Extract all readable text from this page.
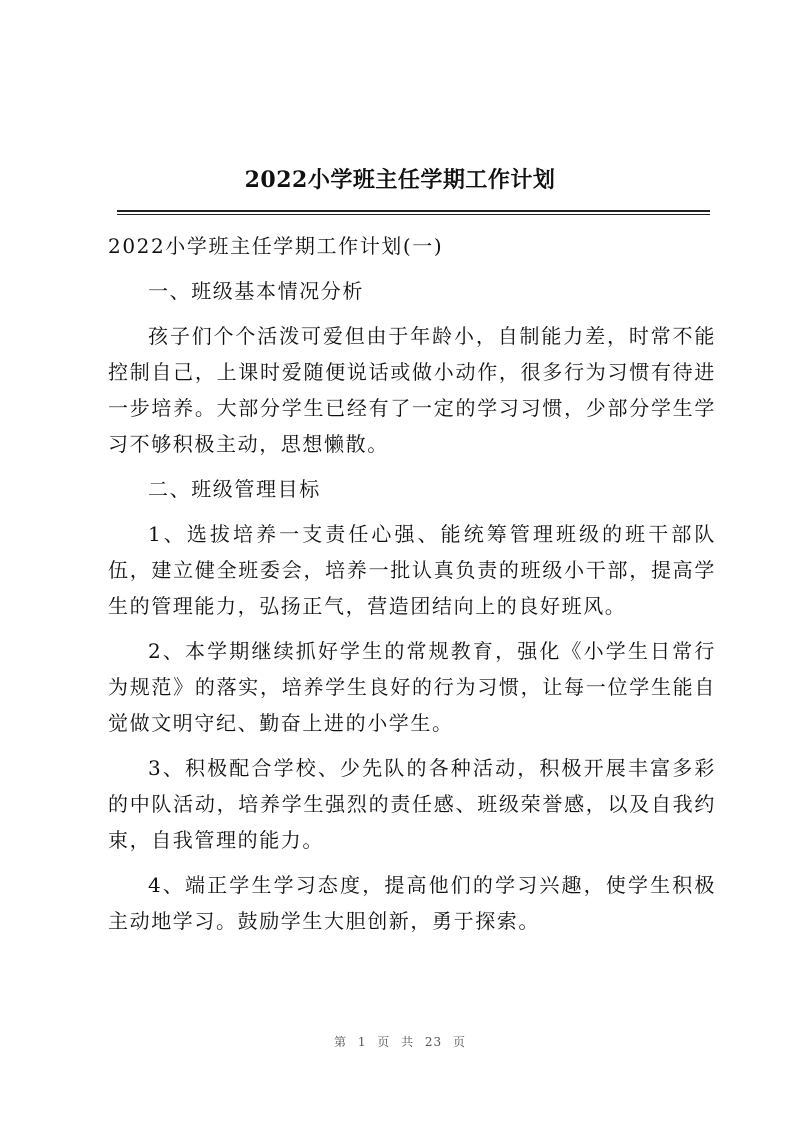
2022小学班主任学期工作计划

2022小学班主任学期工作计划(一)

一、班级基本情况分析

孩子们个个活泼可爱但由于年龄小，自制能力差，时常不能控制自己，上课时爱随便说话或做小动作，很多行为习惯有待进一步培养。大部分学生已经有了一定的学习习惯，少部分学生学习不够积极主动，思想懒散。

二、班级管理目标

1、选拔培养一支责任心强、能统筹管理班级的班干部队伍，建立健全班委会，培养一批认真负责的班级小干部，提高学生的管理能力，弘扬正气，营造团结向上的良好班风。

2、本学期继续抓好学生的常规教育，强化《小学生日常行为规范》的落实，培养学生良好的行为习惯，让每一位学生能自觉做文明守纪、勤奋上进的小学生。

3、积极配合学校、少先队的各种活动，积极开展丰富多彩的中队活动，培养学生强烈的责任感、班级荣誉感，以及自我约束，自我管理的能力。

4、端正学生学习态度，提高他们的学习兴趣，使学生积极主动地学习。鼓励学生大胆创新，勇于探索。

第 1 页 共 23 页
